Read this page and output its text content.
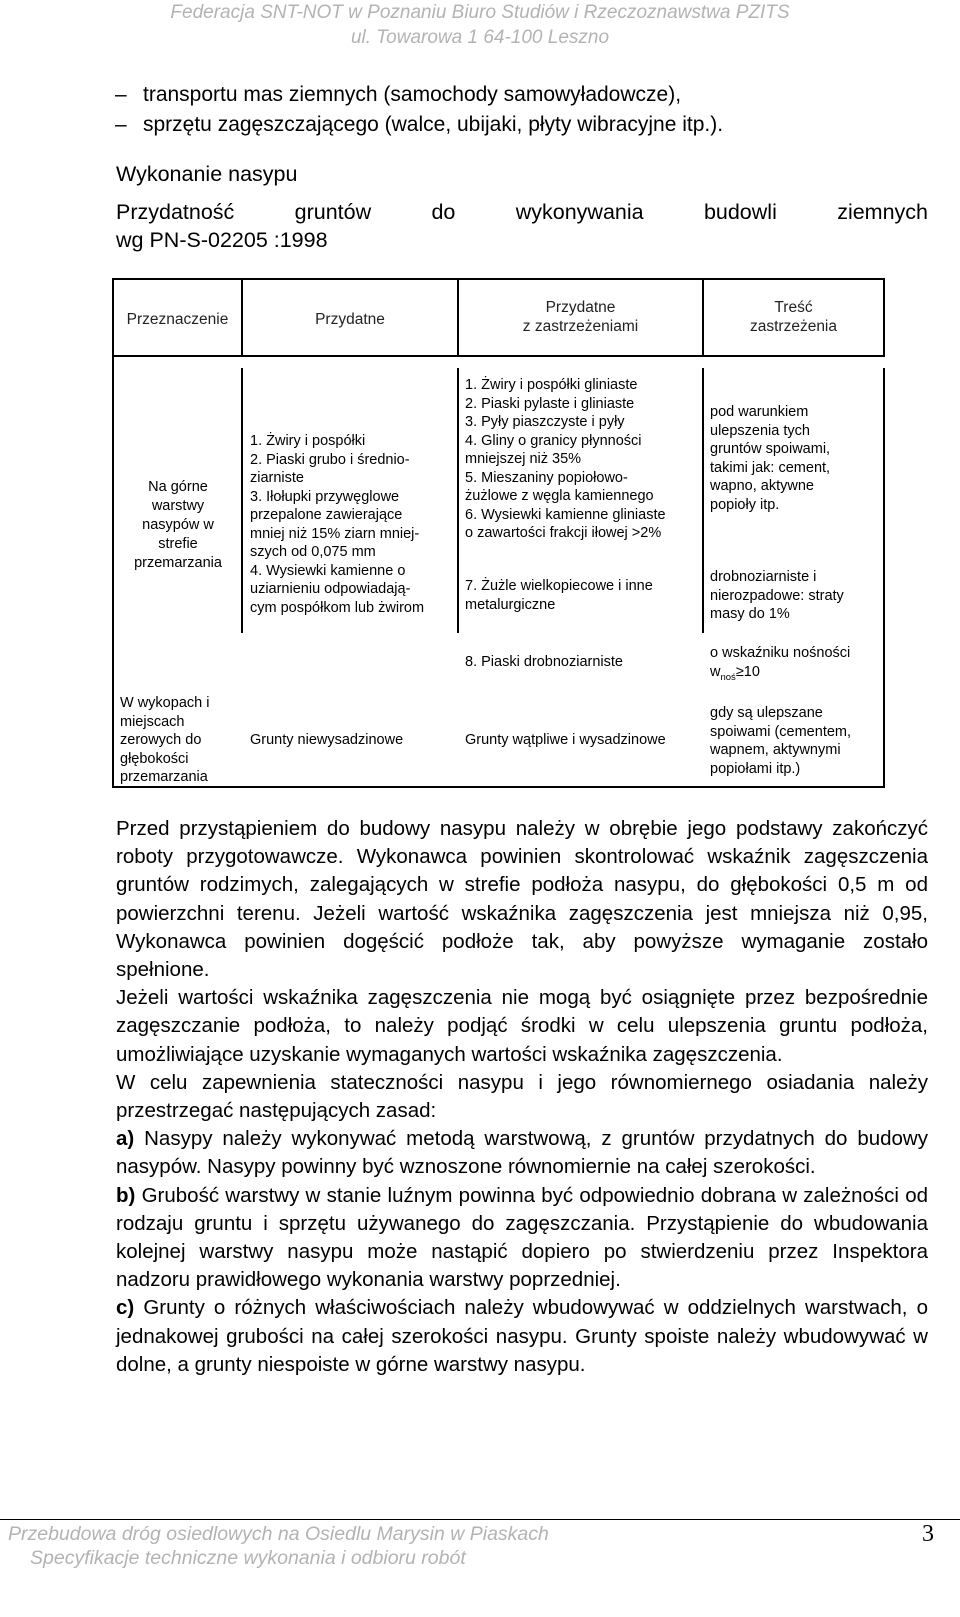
Federacja SNT-NOT w Poznaniu Biuro Studiów i Rzeczoznawstwa PZITS
ul. Towarowa 1 64-100 Leszno
– transportu mas ziemnych (samochody samowyładowcze),
– sprzętu zagęszczającego (walce, ubijaki, płyty wibracyjne itp.).
Wykonanie nasypu
Przydatność gruntów do wykonywania budowli ziemnych
wg PN-S-02205 :1998
Przeznaczenie	Przydatne
Przydatne
z zastrzeżeniami
Treść
zastrzeżenia
Na górne
warstwy
nasypów w
strefie
przemarzania
1. Żwiry i pospółki
2. Piaski grubo i średnio-
ziarniste
3. Iłołupki przywęglowe
przepalone zawierające
mniej niż 15% ziarn mniej-
szych od 0,075 mm
4. Wysiewki kamienne o
uziarnieniu odpowiadają-
cym pospółkom lub żwirom
1. Żwiry i pospółki gliniaste
2. Piaski pylaste i gliniaste
3. Pyły piaszczyste i pyły
4. Gliny o granicy płynności
mniejszej niż 35%
5. Mieszaniny popiołowo-
żużlowe z węgla kamiennego
6. Wysiewki kamienne gliniaste
o zawartości frakcji iłowej >2%
7. Żużle wielkopiecowe i inne
metalurgiczne
pod warunkiem
ulepszenia tych
gruntów spoiwami,
takimi jak: cement,
wapno, aktywne
popioły itp.
drobnoziarniste i
nierozpadowe: straty
masy do 1%
8. Piaski drobnoziarniste
o wskaźniku nośności
$w_{noś}\ge 10$
W wykopach i
miejscach
zerowych do
głębokości
przemarzania
Grunty niewysadzinowe	Grunty wątpliwe i wysadzinowe
gdy są ulepszane
spoiwami (cementem,
wapnem, aktywnymi
popiołami itp.)

Przed przystąpieniem do budowy nasypu należy w obrębie jego podstawy zakończyć roboty przygotowawcze. Wykonawca powinien skontrolować wskaźnik zagęszczenia gruntów rodzimych, zalegających w strefie podłoża nasypu, do głębokości 0,5 m od powierzchni terenu. Jeżeli wartość wskaźnika zagęszczenia jest mniejsza niż 0,95, Wykonawca powinien dogęścić podłoże tak, aby powyższe wymaganie zostało spełnione.

Jeżeli wartości wskaźnika zagęszczenia nie mogą być osiągnięte przez bezpośrednie zagęszczanie podłoża, to należy podjąć środki w celu ulepszenia gruntu podłoża, umożliwiające uzyskanie wymaganych wartości wskaźnika zagęszczenia.

W celu zapewnienia stateczności nasypu i jego równomiernego osiadania należy przestrzegać następujących zasad:

a) Nasypy należy wykonywać metodą warstwową, z gruntów przydatnych do budowy nasypów. Nasypy powinny być wznoszone równomiernie na całej szerokości.

b) Grubość warstwy w stanie luźnym powinna być odpowiednio dobrana w zależności od rodzaju gruntu i sprzętu używanego do zagęszczania. Przystąpienie do wbudowania kolejnej warstwy nasypu może nastąpić dopiero po stwierdzeniu przez Inspektora nadzoru prawidłowego wykonania warstwy poprzedniej.

c) Grunty o różnych właściwościach należy wbudowywać w oddzielnych warstwach, o jednakowej grubości na całej szerokości nasypu. Grunty spoiste należy wbudowywać w dolne, a grunty niespoiste w górne warstwy nasypu.

Przebudowa dróg osiedlowych na Osiedlu Marysin w Piaskach
Specyfikacje techniczne wykonania i odbioru robót
3
